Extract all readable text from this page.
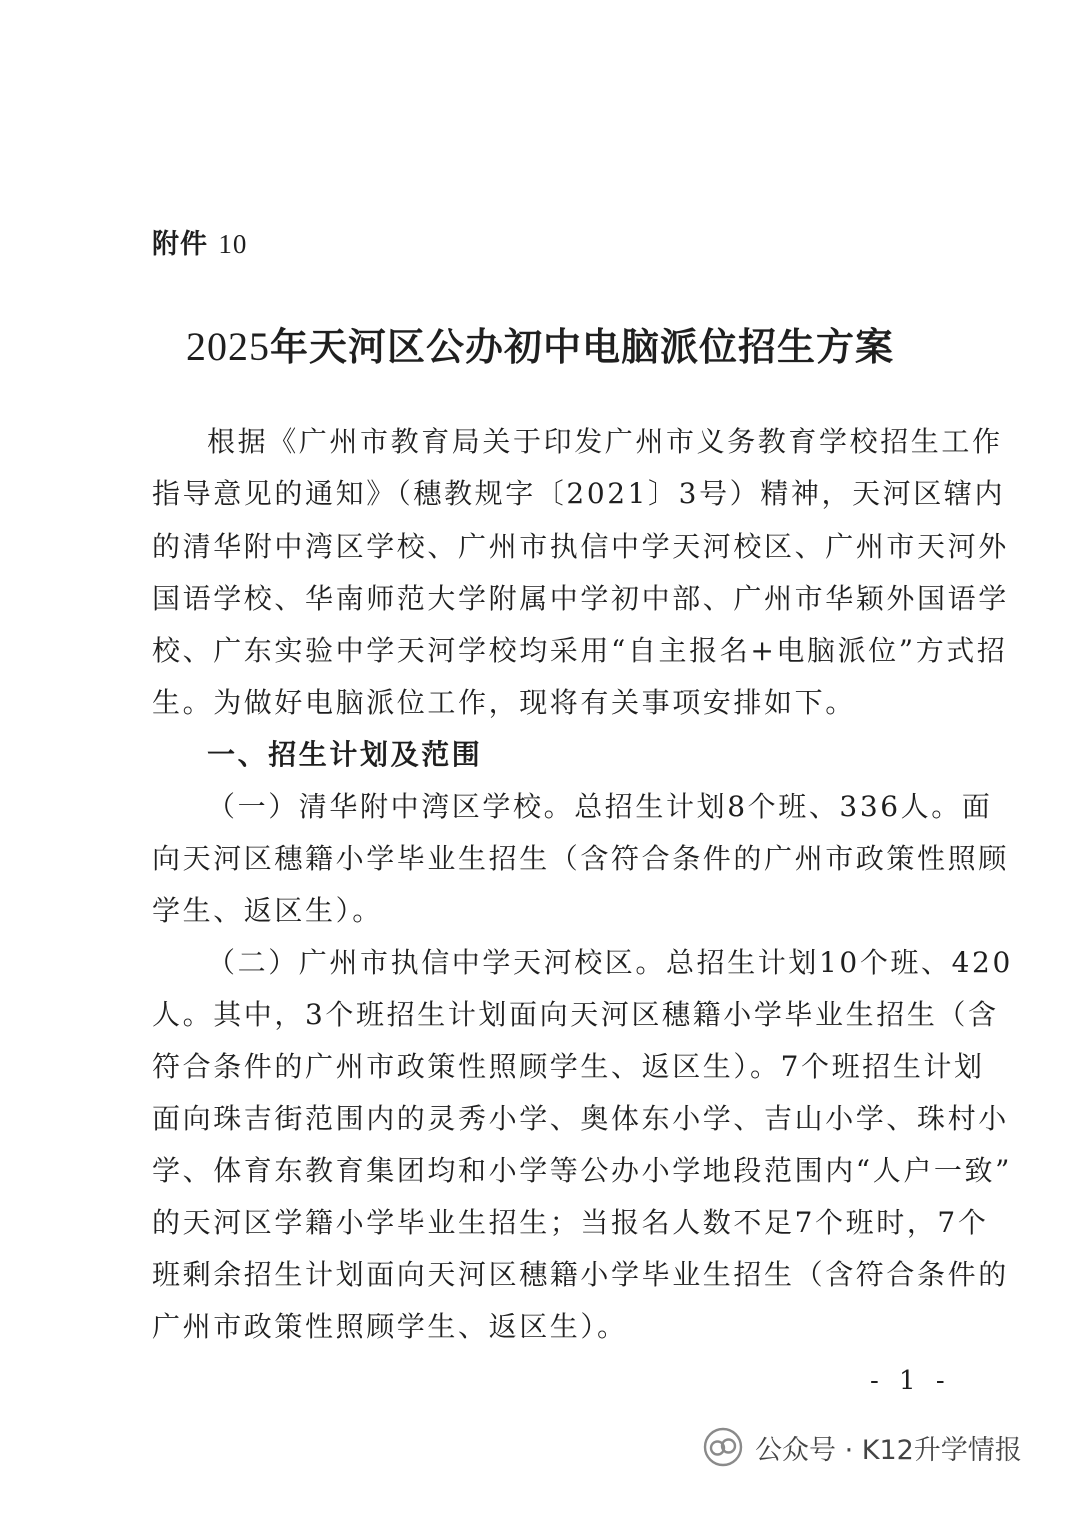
附件 10
2025年天河区公办初中电脑派位招生方案
根据《广州市教育局关于印发广州市义务教育学校招生工作
指导意见的通知》（穗教规字〔2021〕3号）精神，天河区辖内
的清华附中湾区学校、广州市执信中学天河校区、广州市天河外
国语学校、华南师范大学附属中学初中部、广州市华颖外国语学
校、广东实验中学天河学校均采用“自主报名+电脑派位”方式招
生。为做好电脑派位工作，现将有关事项安排如下。
一、招生计划及范围
（一）清华附中湾区学校。总招生计划8个班、336人。面
向天河区穗籍小学毕业生招生（含符合条件的广州市政策性照顾
学生、返区生）。
（二）广州市执信中学天河校区。总招生计划10个班、420
人。其中，3个班招生计划面向天河区穗籍小学毕业生招生（含
符合条件的广州市政策性照顾学生、返区生）。7个班招生计划
面向珠吉街范围内的灵秀小学、奥体东小学、吉山小学、珠村小
学、体育东教育集团均和小学等公办小学地段范围内“人户一致”
的天河区学籍小学毕业生招生；当报名人数不足7个班时，7个
班剩余招生计划面向天河区穗籍小学毕业生招生（含符合条件的
广州市政策性照顾学生、返区生）。
- 1 -
公众号 · K12升学情报
